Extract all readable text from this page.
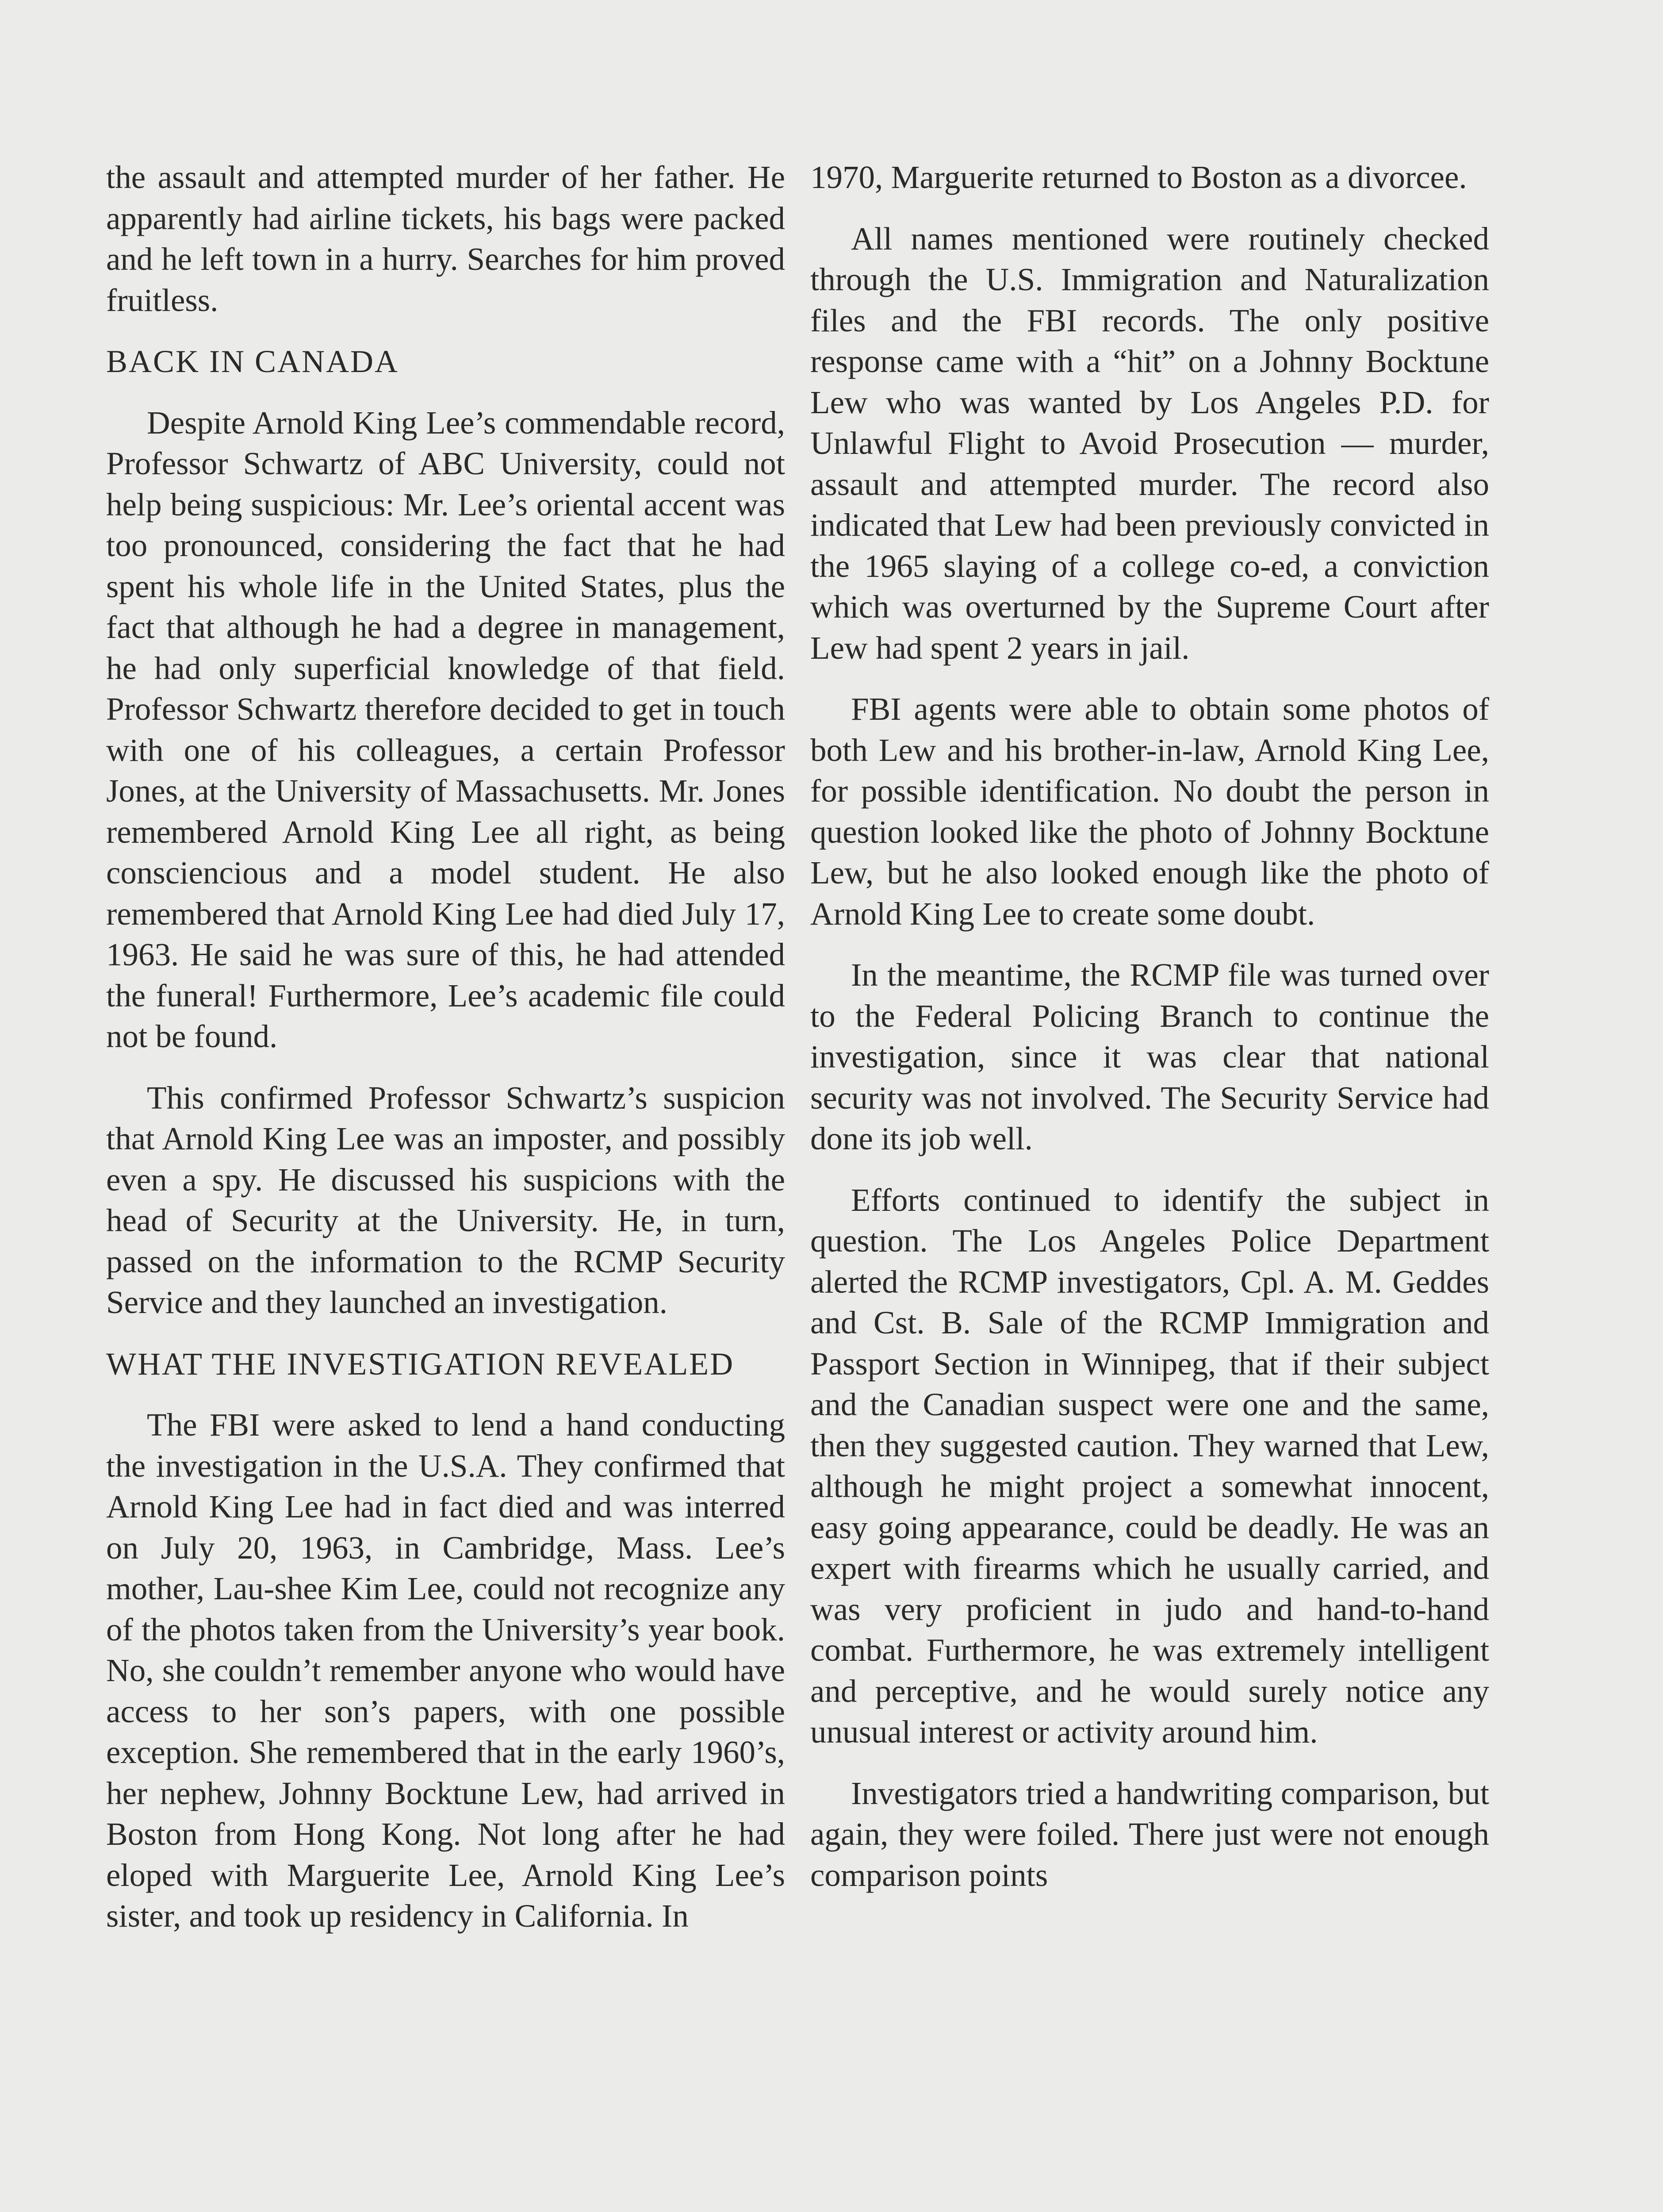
the assault and attempted murder of her father. He apparently had airline tickets, his bags were packed and he left town in a hurry. Searches for him proved fruitless.

BACK IN CANADA

Despite Arnold King Lee’s commendable record, Professor Schwartz of ABC University, could not help being suspicious: Mr. Lee’s oriental accent was too pronounced, considering the fact that he had spent his whole life in the United States, plus the fact that although he had a degree in management, he had only superficial knowledge of that field. Professor Schwartz therefore decided to get in touch with one of his colleagues, a certain Professor Jones, at the University of Massachusetts. Mr. Jones remembered Arnold King Lee all right, as being consciencious and a model student. He also remembered that Arnold King Lee had died July 17, 1963. He said he was sure of this, he had attended the funeral! Furthermore, Lee’s academic file could not be found.

This confirmed Professor Schwartz’s suspicion that Arnold King Lee was an imposter, and possibly even a spy. He discussed his suspicions with the head of Security at the University. He, in turn, passed on the information to the RCMP Security Service and they launched an investigation.

WHAT THE INVESTIGATION REVEALED

The FBI were asked to lend a hand conducting the investigation in the U.S.A. They confirmed that Arnold King Lee had in fact died and was interred on July 20, 1963, in Cambridge, Mass. Lee’s mother, Lau-shee Kim Lee, could not recognize any of the photos taken from the University’s year book. No, she couldn’t remember anyone who would have access to her son’s papers, with one possible exception. She remembered that in the early 1960’s, her nephew, Johnny Bocktune Lew, had arrived in Boston from Hong Kong. Not long after he had eloped with Marguerite Lee, Arnold King Lee’s sister, and took up residency in California. In

1970, Marguerite returned to Boston as a divorcee.

All names mentioned were routinely checked through the U.S. Immigration and Naturalization files and the FBI records. The only positive response came with a “hit” on a Johnny Bocktune Lew who was wanted by Los Angeles P.D. for Unlawful Flight to Avoid Prosecution — murder, assault and attempted murder. The record also indicated that Lew had been previously convicted in the 1965 slaying of a college co-ed, a conviction which was overturned by the Supreme Court after Lew had spent 2 years in jail.

FBI agents were able to obtain some photos of both Lew and his brother-in-law, Arnold King Lee, for possible identification. No doubt the person in question looked like the photo of Johnny Bocktune Lew, but he also looked enough like the photo of Arnold King Lee to create some doubt.

In the meantime, the RCMP file was turned over to the Federal Policing Branch to continue the investigation, since it was clear that national security was not involved. The Security Service had done its job well.

Efforts continued to identify the subject in question. The Los Angeles Police Department alerted the RCMP investigators, Cpl. A. M. Geddes and Cst. B. Sale of the RCMP Immigration and Passport Section in Winnipeg, that if their subject and the Canadian suspect were one and the same, then they suggested caution. They warned that Lew, although he might project a somewhat innocent, easy going appearance, could be deadly. He was an expert with firearms which he usually carried, and was very proficient in judo and hand-to-hand combat. Furthermore, he was extremely intelligent and perceptive, and he would surely notice any unusual interest or activity around him.

Investigators tried a handwriting comparison, but again, they were foiled. There just were not enough comparison points
